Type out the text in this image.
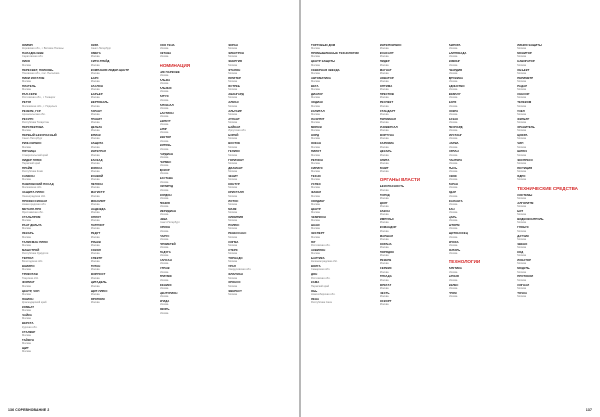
ОЛИМП
Кировская обл., г. Вятские Поляны
ПАЛАДИН ВВВ
Саратовская обл.
ЛИКО
Москва
ПЕРЕСВЕТ, ПОЛКОВЬ
Псковская обл., пос. Пыталово
ПИКИ ИОГАТОВ
Москва
ПЛАТЕЛЬ
Москва
РАЛ-СЕРВ
Ростовская обл., г. Таганрог
РЕГУЛ
Московская обл., г. Подольск
РЕЗЕРВ, ГСР
Архангельская обл.
РЕСУРС
Республика Татарстан
ПЕРСПЕКТИВА
Москва
ПЕРВЫЙ БЕЗОПАСНЫЙ
Санкт-Петербург
РИФ-СЕРВИС
Москва
ПЯТНИЦА
Ставропольский край
ЛИДЕР ПЛЮС
Пермский край
ПРАЙМ
Республика Коми
САМКОН
Москва
ПАВЛОВСКИЙ ПОСАД
Московская обл.
ЗАЩИТА ПЛЮС
Ленинградская обл.
ПРОФЕССИОНАЛ
Нижегородская обл.
МЕТАЛЛ-ПРО
Ярославская обл.
СТАЛЬПРОМ
Москва
РАНГ ДЕЛЬТА
Москва
ЛЕКАРЬ
Москва
ТАЛИСМАН ПЛЮС
Москва
МАШСТРОЙ
Республика Удмуртия
ТЕРРАЛ
Вологодская обл.
ВНИИПО
Москва
ТРИКОТАЖ
Тверская обл.
ФОРМАТ
Москва
ЦЕНТР, ЧОП
Москва
ЮНИОН
Краснодарский край
КОМБАТ
Москва
ЧАЙКА
Москва
ВЕРСТА
Курская обл.
СТАЛКЕР
Москва
ТАЙФУН
Москва
ЩИТ
Москва
ОКРА
Санкт-Петербург
ОМЕГА
Москва
СИТИ-ТРЕЙД
Москва
КОМПАНИЯ ЛИДЕР-ЦЕНТР
Москва
БАРС
Москва
ЗАСЛОН
Москва
БАРЬЕР
Москва
ВЕРТИКАЛЬ
Москва
ГАРАНТ
Москва
ГРАНИТ
Москва
ДЕЛЬТА
Москва
ЕРМАК
Москва
ЗАЩИТА
Москва
ИНТЕГРАЛ
Москва
КАСКАД
Москва
КИРАСА
Москва
КОНВОЙ
Москва
ЛЕГИОН
Москва
МАГИСТР
Москва
МОНОЛИТ
Москва
НАДЕЖДА
Москва
ОПЛОТ
Москва
ПАТРИОТ
Москва
РЕДУТ
Москва
РУБЕЖ
Москва
СОКОЛ
Москва
СПЕКТР
Москва
ТИТАН
Москва
ФОРПОСТ
Москва
ЦИТАДЕЛЬ
Москва
ЩИТ-ПЛЮС
Москва
ЯРОПОЛК
Москва
ООО ГЕНА
Москва
ОКТАВА
Москва
НОМИНАЦИЯ
Н/Ф ПАРКОВЕ
Москва
АЛЬФА
Москва
АЛЬЯНС
Москва
АРГУС
Москва
АРСЕНАЛ
Москва
БАСТИОН
Москва
БЕРКУТ
Москва
БРИГ
Москва
ВЕКТОР
Москва
ВИТЯЗЬ
Москва
ГАРДИАН
Москва
ГЕРМЕС
Москва
ДОЗОР
Москва
ЗАСТАВА
Москва
ИЗУМРУД
Москва
КОРДОН
Москва
ЛИНИЯ
Москва
МЕРИДИАН
Москва
НЕВА
Санкт-Петербург
ОРИОН
Москва
ПАРУС
Москва
ПРОМЕТЕЙ
Москва
РАДУГА
Москва
САПСАН
Москва
СТРАЖ
Москва
ТРИУМФ
Москва
ФЕНИКС
Москва
ЦЕНТУРИОН
Москва
ЭГИДА
Москва
ЯКОРЬ
Москва
ЭКРАН
Москва
ЭЛЕКТРОН
Москва
ЭНЕРГИЯ
Москва
ЭТАЛОН
Москва
ЮПИТЕР
Москва
ЯСТРЕБ
Москва
АВАНГАРД
Москва
АЛМАЗ
Москва
АЛЬТАИР
Москва
АТЛАНТ
Москва
БАЙКАЛ
Иркутская обл.
БОРЕЙ
Москва
ВОСТОК
Москва
ГЕЛИОС
Москва
ГОРИЗОНТ
Москва
ДИАМАНТ
Москва
ЗЕНИТ
Москва
КОНТУР
Москва
КРИСТАЛЛ
Москва
ЛОТОС
Москва
МАЯК
Москва
ОЛИМПИЯ
Москва
ПОЛЮС
Москва
РЕНЕССАНС
Москва
СИГМА
Москва
СТЕРХ
Москва
ТОРНАДО
Москва
УРАЛ
Свердловская обл.
ФЛАГМАН
Москва
ХРОНОС
Москва
ЭВЕРЕСТ
Москва
136 СОРЕВНОВАНИЕ 2
ТОРГОВЫЙ ДОМ
Москва
ПРОМЫШЛЕННЫЕ ТЕХНОЛОГИИ
Москва
ЦЕНТР ЗАЩИТЫ
Москва
СЕВЕРНАЯ ЗВЕЗДА
Москва
АВТОМАТИКА
Москва
ВЕГА
Москва
ДИАЛОГ
Москва
ЗОДИАК
Москва
КАПИТАЛ
Москва
ЛАЗУРИТ
Москва
МИРАЖ
Москва
НОРД
Москва
ОКЕАН
Москва
ПИЛОТ
Москва
РЕГИОН
Москва
СИРИУС
Москва
ТЕХНО
Москва
УСПЕХ
Москва
ФАКЕЛ
Москва
ХОЛДИНГ
Москва
ЦЕНТР
Москва
ЧЕМПИОН
Москва
ШАНС
Москва
ЭКСПЕРТ
Москва
ЮГ
Ростовская обл.
АКВИЛОН
Москва
БАЛТИКА
Калининградская обл.
ВОЛГА
Самарская обл.
ДОН
Ростовская обл.
КАМА
Пермский край
ОБЬ
Новосибирская обл.
ЛЕНА
Республика Саха
ИНТЕРСЕРВИС
Москва
КОНСАЛТ
Москва
ЛИДЕР
Москва
МАГНАТ
Москва
НОВАТОР
Москва
ОПТИМА
Москва
ПРЕСТИЖ
Москва
РЕСПЕКТ
Москва
СТАНДАРТ
Москва
ТЕРМИНАЛ
Москва
УНИВЕРСАЛ
Москва
ФОРТУНА
Москва
ХАРИЗМА
Москва
ЦЕЗАРЬ
Москва
ЭЛИТА
Москва
ЮНИТ
Москва
ОРГАНЫ ВЛАСТИ
БЕЗОПАСНОСТЬ
Москва
ГОРОД
Москва
ДОЛГ
Москва
ЗАКОН
Москва
ИМПУЛЬС
Москва
КОМАНДОР
Москва
МАРШАЛ
Москва
ОХРАНА
Москва
ПОРЯДОК
Москва
РЕЗЕРВ
Москва
СЕРВИС
Москва
ТРИАДА
Москва
ФРЕГАТ
Москва
ЧЕСТЬ
Москва
ЭСКОРТ
Москва
АВРОРА
Москва
БАРРИКАДА
Москва
ВИКИНГ
Москва
ГВАРДИЯ
Москва
ДРУЖИНА
Москва
ЕДИНСТВО
Москва
ЖЕМЧУГ
Москва
ЗАРЯ
Москва
ИСКРА
Москва
КАЗАК
Москва
ЛЕОПАРД
Москва
МУСТАНГ
Москва
НАРВА
Москва
ОРЛАН
Москва
ПАНТЕРА
Москва
РЫСЬ
Москва
СКИФ
Москва
ТАРАН
Москва
УДАР
Москва
ФАЛАНГА
Москва
ХАН
Москва
ЦАРЬ
Москва
ШТОРМ
Москва
ЩИТОНОСЕЦ
Москва
ЭПОХА
Москва
ЯНТАРЬ
Москва
ТЕХНОЛОГИИ
АРКТИКА
Москва
БРОНЯ
Москва
ВЕЛЕС
Москва
ГРОМ
Москва
ЛИНИЯ ЗАЩИТЫ
Москва
МОНИТОР
Москва
НАВИГАТОР
Москва
ОБЪЕКТ
Москва
ПЕРИМЕТР
Москва
РАДАР
Москва
СЕНСОР
Москва
ТЕЛЕКОМ
Москва
УЗЕЛ
Москва
ФИЛЬТР
Москва
ХРАНИТЕЛЬ
Москва
ЦИФРА
Москва
ЧИП
Москва
ШЛЮЗ
Москва
ЭКСПРЕСС
Москва
ЮСТИЦИЯ
Москва
ЯДРО
Москва
ТЕХНИЧЕСКИЕ СРЕДСТВА
СИСТЕМЫ
Москва
АЛГОРИТМ
Москва
БИТ
Москва
ВИДЕОКОНТРОЛЬ
Москва
ГЛОБУС
Москва
ДАТЧИК
Москва
ЗВЕНО
Москва
КОД
Москва
ЛОКАТОР
Москва
МОДУЛЬ
Москва
ПРОТОКОЛ
Москва
СИГНАЛ
Москва
ТОЧКА
Москва
137
